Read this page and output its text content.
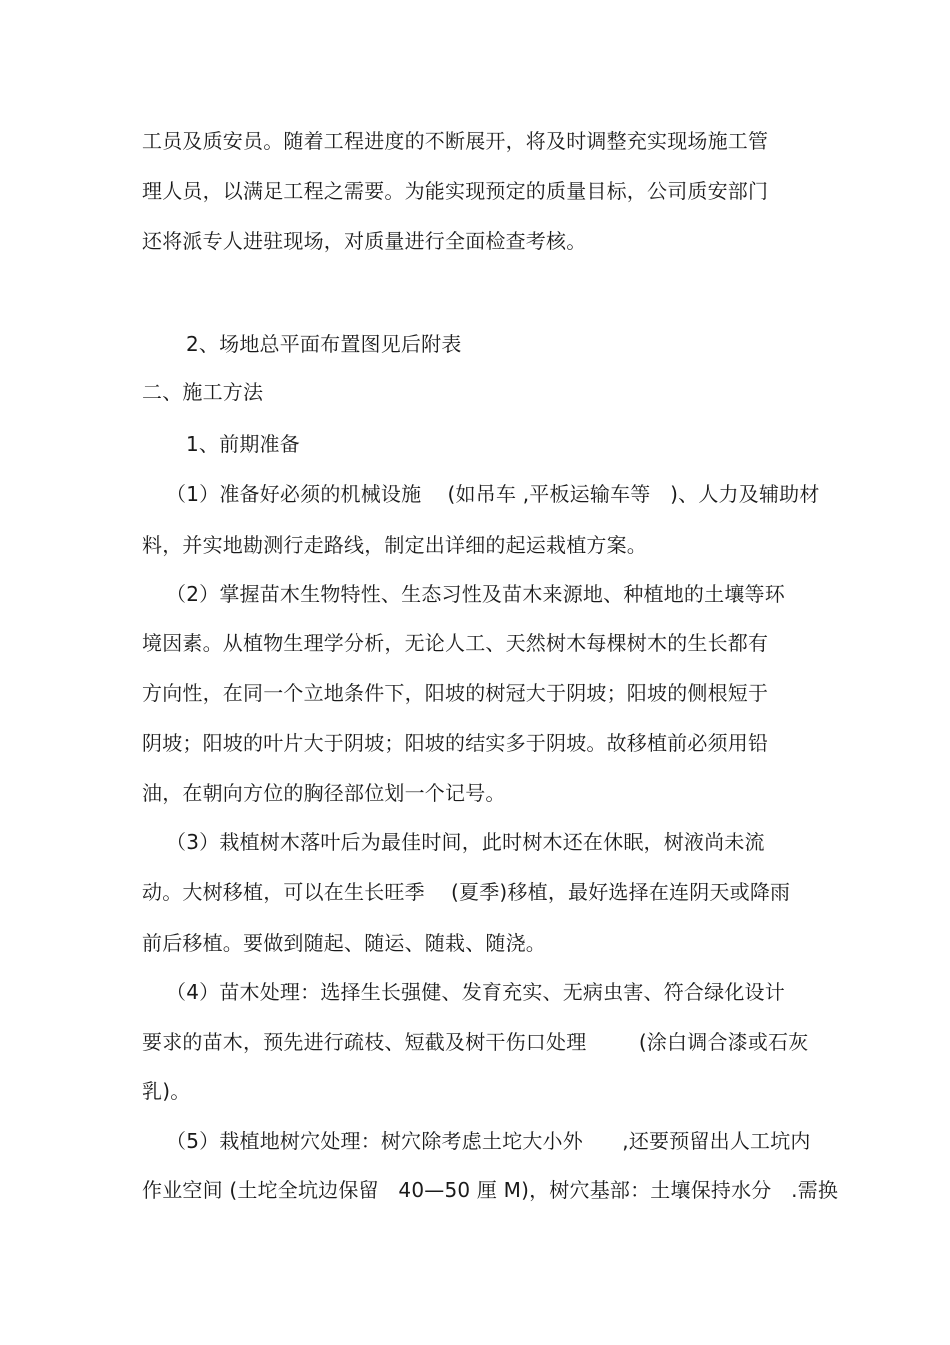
工员及质安员。随着工程进度的不断展开，将及时调整充实现场施工管
理人员，以满足工程之需要。为能实现预定的质量目标，公司质安部门
还将派专人进驻现场，对质量进行全面检查考核。
2、场地总平面布置图见后附表
二、施工方法
1、前期准备
（1）准备好必须的机械设施    (如吊车 ,平板运输车等   )、人力及辅助材
料，并实地勘测行走路线，制定出详细的起运栽植方案。
（2）掌握苗木生物特性、生态习性及苗木来源地、种植地的土壤等环
境因素。从植物生理学分析，无论人工、天然树木每棵树木的生长都有
方向性，在同一个立地条件下，阳坡的树冠大于阴坡；阳坡的侧根短于
阴坡；阳坡的叶片大于阴坡；阳坡的结实多于阴坡。故移植前必须用铅
油，在朝向方位的胸径部位划一个记号。
（3）栽植树木落叶后为最佳时间，此时树木还在休眠，树液尚未流
动。大树移植，可以在生长旺季    (夏季)移植，最好选择在连阴天或降雨
前后移植。要做到随起、随运、随栽、随浇。
（4）苗木处理：选择生长强健、发育充实、无病虫害、符合绿化设计
要求的苗木，预先进行疏枝、短截及树干伤口处理        (涂白调合漆或石灰
乳)。
（5）栽植地树穴处理：树穴除考虑土坨大小外      ,还要预留出人工坑内
作业空间 (土坨全坑边保留   40—50 厘 M)，树穴基部：土壤保持水分   .需换
